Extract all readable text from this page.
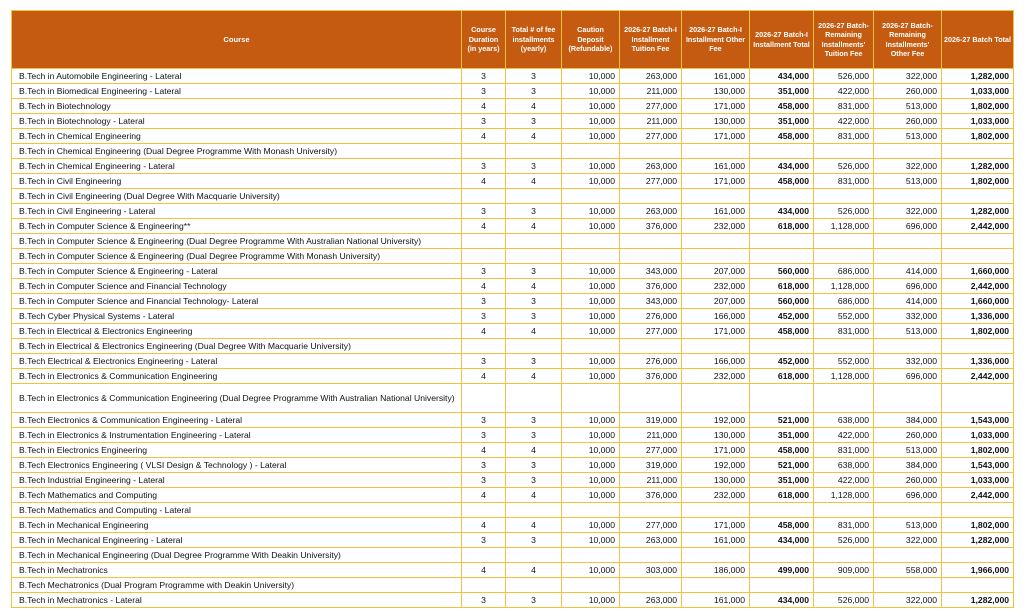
Course	Course Duration (in years)	Total # of fee installments (yearly)	Caution Deposit (Refundable)	2026-27 Batch-I Installment Tuition Fee	2026-27 Batch-I Installment Other Fee	2026-27 Batch-I Installment Total	2026-27 Batch-Remaining Installments' Tuition Fee	2026-27 Batch-Remaining Installments' Other Fee	2026-27 Batch Total
B.Tech in Automobile Engineering - Lateral	3	3	10,000	263,000	161,000	434,000	526,000	322,000	1,282,000
B.Tech in Biomedical Engineering - Lateral	3	3	10,000	211,000	130,000	351,000	422,000	260,000	1,033,000
B.Tech in Biotechnology	4	4	10,000	277,000	171,000	458,000	831,000	513,000	1,802,000
B.Tech in Biotechnology - Lateral	3	3	10,000	211,000	130,000	351,000	422,000	260,000	1,033,000
B.Tech in Chemical Engineering	4	4	10,000	277,000	171,000	458,000	831,000	513,000	1,802,000
B.Tech in Chemical Engineering (Dual Degree Programme With Monash University)									
B.Tech in Chemical Engineering - Lateral	3	3	10,000	263,000	161,000	434,000	526,000	322,000	1,282,000
B.Tech in Civil Engineering	4	4	10,000	277,000	171,000	458,000	831,000	513,000	1,802,000
B.Tech in Civil Engineering (Dual Degree With Macquarie University)									
B.Tech in Civil Engineering - Lateral	3	3	10,000	263,000	161,000	434,000	526,000	322,000	1,282,000
B.Tech in Computer Science & Engineering**	4	4	10,000	376,000	232,000	618,000	1,128,000	696,000	2,442,000
B.Tech in Computer Science & Engineering (Dual Degree Programme With Australian National University)									
B.Tech in Computer Science & Engineering (Dual Degree Programme With Monash University)									
B.Tech in Computer Science & Engineering - Lateral	3	3	10,000	343,000	207,000	560,000	686,000	414,000	1,660,000
B.Tech in Computer Science and Financial Technology	4	4	10,000	376,000	232,000	618,000	1,128,000	696,000	2,442,000
B.Tech in Computer Science and Financial Technology- Lateral	3	3	10,000	343,000	207,000	560,000	686,000	414,000	1,660,000
B.Tech Cyber Physical Systems - Lateral	3	3	10,000	276,000	166,000	452,000	552,000	332,000	1,336,000
B.Tech in Electrical & Electronics Engineering	4	4	10,000	277,000	171,000	458,000	831,000	513,000	1,802,000
B.Tech in Electrical & Electronics Engineering (Dual Degree With Macquarie University)									
B.Tech Electrical & Electronics Engineering - Lateral	3	3	10,000	276,000	166,000	452,000	552,000	332,000	1,336,000
B.Tech in Electronics & Communication Engineering	4	4	10,000	376,000	232,000	618,000	1,128,000	696,000	2,442,000
B.Tech in Electronics & Communication Engineering (Dual Degree Programme With Australian National University)									
B.Tech Electronics & Communication Engineering - Lateral	3	3	10,000	319,000	192,000	521,000	638,000	384,000	1,543,000
B.Tech in Electronics & Instrumentation Engineering - Lateral	3	3	10,000	211,000	130,000	351,000	422,000	260,000	1,033,000
B.Tech in Electronics Engineering	4	4	10,000	277,000	171,000	458,000	831,000	513,000	1,802,000
B.Tech Electronics Engineering ( VLSI Design & Technology ) - Lateral	3	3	10,000	319,000	192,000	521,000	638,000	384,000	1,543,000
B.Tech Industrial Engineering - Lateral	3	3	10,000	211,000	130,000	351,000	422,000	260,000	1,033,000
B.Tech Mathematics and Computing	4	4	10,000	376,000	232,000	618,000	1,128,000	696,000	2,442,000
B.Tech Mathematics and Computing - Lateral									
B.Tech in Mechanical Engineering	4	4	10,000	277,000	171,000	458,000	831,000	513,000	1,802,000
B.Tech in Mechanical Engineering - Lateral	3	3	10,000	263,000	161,000	434,000	526,000	322,000	1,282,000
B.Tech in Mechanical Engineering (Dual Degree Programme With Deakin University)									
B.Tech in Mechatronics	4	4	10,000	303,000	186,000	499,000	909,000	558,000	1,966,000
B.Tech Mechatronics (Dual Program Programme with Deakin University)									
B.Tech in Mechatronics - Lateral	3	3	10,000	263,000	161,000	434,000	526,000	322,000	1,282,000
